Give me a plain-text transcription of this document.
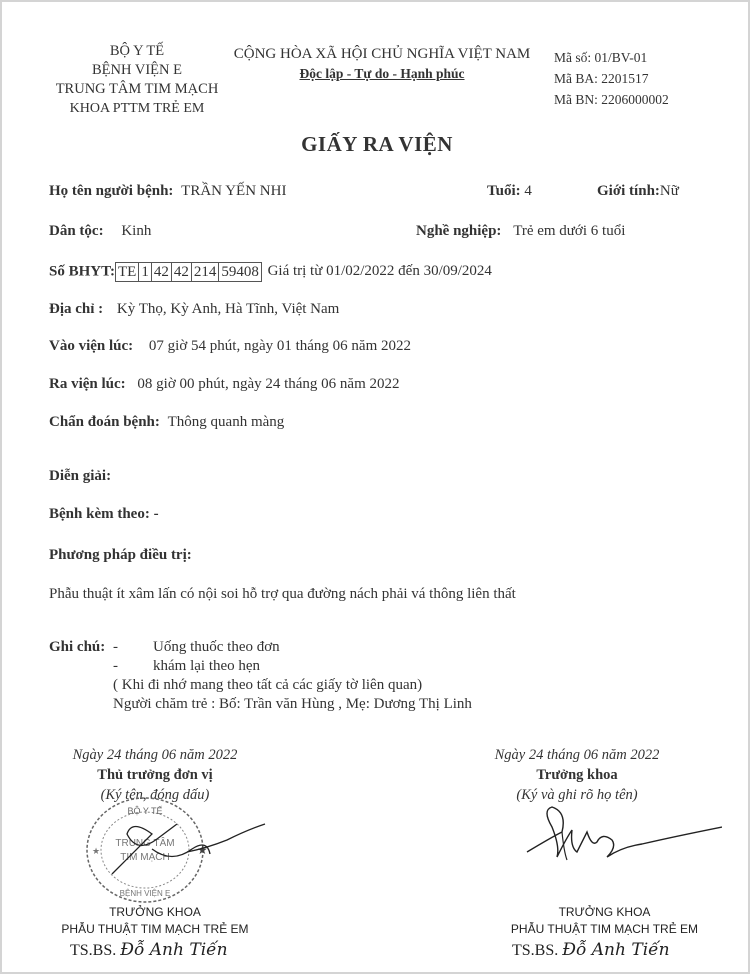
BỘ Y TẾ
BỆNH VIỆN E
TRUNG TÂM TIM MẠCH
KHOA PTTM TRẺ EM
CỘNG HÒA XÃ HỘI CHỦ NGHĨA VIỆT NAM
Độc lập - Tự do - Hạnh phúc
Mã số: 01/BV-01
Mã BA: 2201517
Mã BN: 2206000002
GIẤY RA VIỆN
Họ tên người bệnh: TRẦN YẾN NHI	Tuổi: 4	Giới tính:Nữ
Dân tộc: Kinh	Nghề nghiệp: Trẻ em dưới 6 tuổi
Số BHYT: TE 1 42 42 214 59408 Giá trị từ 01/02/2022 đến 30/09/2024
Địa chỉ : Kỳ Thọ, Kỳ Anh, Hà Tĩnh, Việt Nam
Vào viện lúc: 07 giờ 54 phút, ngày 01 tháng 06 năm 2022
Ra viện lúc: 08 giờ 00 phút, ngày 24 tháng 06 năm 2022
Chẩn đoán bệnh: Thông quanh màng
Diễn giải:
Bệnh kèm theo: -
Phương pháp điều trị:
Phẫu thuật ít xâm lấn có nội soi hỗ trợ qua đường nách phải vá thông liên thất
Ghi chú: -	Uống thuốc theo đơn
-	khám lại theo hẹn
( Khi đi nhớ mang theo tất cả các giấy tờ liên quan)
Người chăm trẻ : Bố: Trần văn Hùng , Mẹ: Dương Thị Linh
Ngày 24 tháng 06 năm 2022
Thủ trưởng đơn vị
(Ký tên, đóng dấu)
BỘ Y TẾ
TRUNG TÂM
TIM MẠCH
BỆNH VIỆN E
★
★
TRƯỞNG KHOA
PHẪU THUẬT TIM MẠCH TRẺ EM
TS.BS. Đỗ Anh Tiến
Ngày 24 tháng 06 năm 2022
Trưởng khoa
(Ký và ghi rõ họ tên)
TRƯỞNG KHOA
PHẪU THUẬT TIM MẠCH TRẺ EM
TS.BS. Đỗ Anh Tiến
